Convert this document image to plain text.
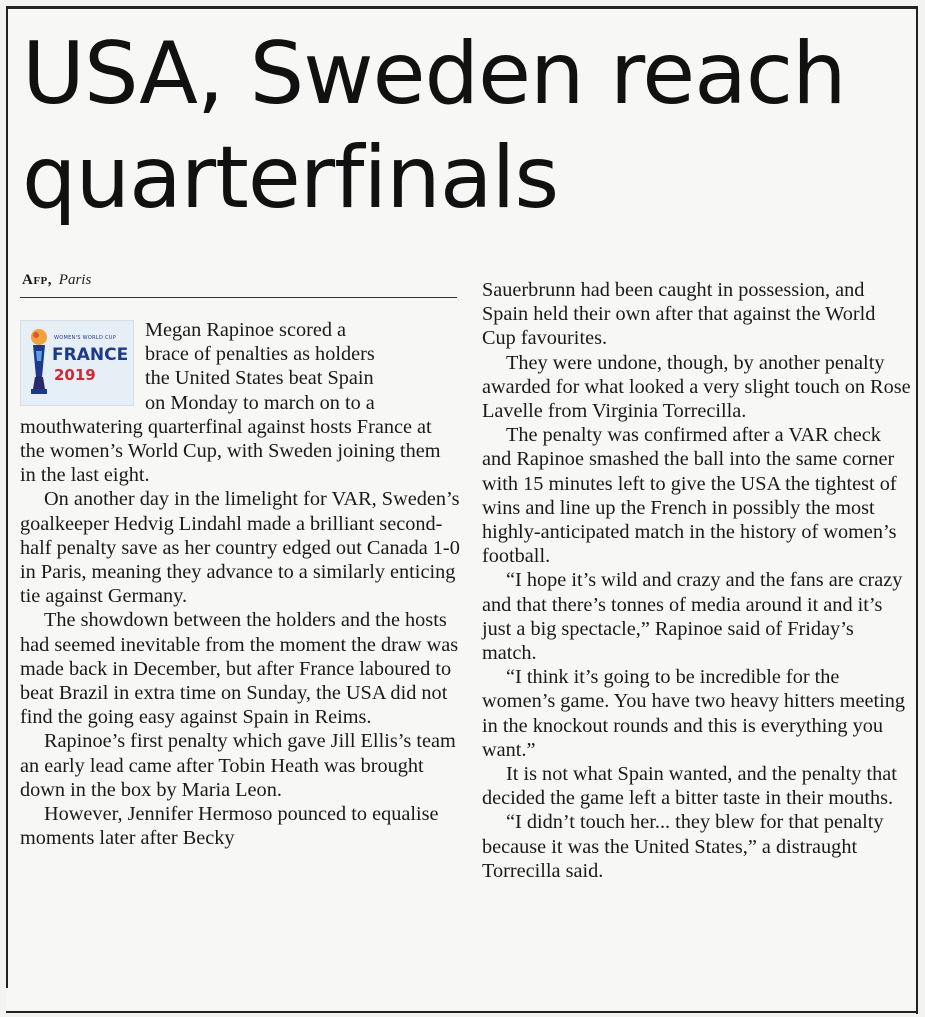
USA, Sweden reach quarterfinals
Afp, Paris
WOMEN'S WORLD CUP
FRANCE
2019

Megan Rapinoe scored a

brace of penalties as holders

the United States beat Spain

on Monday to march on to a

mouthwatering quarterfinal against hosts France at the women’s World Cup, with Sweden joining them in the last eight.

On another day in the limelight for VAR, Sweden’s goalkeeper Hedvig Lindahl made a brilliant second-half penalty save as her country edged out Canada 1-0 in Paris, meaning they advance to a similarly enticing tie against Germany.

The showdown between the holders and the hosts had seemed inevitable from the moment the draw was made back in December, but after France laboured to beat Brazil in extra time on Sunday, the USA did not find the going easy against Spain in Reims.

Rapinoe’s first penalty which gave Jill Ellis’s team an early lead came after Tobin Heath was brought down in the box by Maria Leon.

However, Jennifer Hermoso pounced to equalise moments later after Becky

Sauerbrunn had been caught in possession, and Spain held their own after that against the World Cup favourites.

They were undone, though, by another penalty awarded for what looked a very slight touch on Rose Lavelle from Virginia Torrecilla.

The penalty was confirmed after a VAR check and Rapinoe smashed the ball into the same corner with 15 minutes left to give the USA the tightest of wins and line up the French in possibly the most highly-anticipated match in the history of women’s football.

“I hope it’s wild and crazy and the fans are crazy and that there’s tonnes of media around it and it’s just a big spectacle,” Rapinoe said of Friday’s match.

“I think it’s going to be incredible for the women’s game. You have two heavy hitters meeting in the knockout rounds and this is everything you want.”

It is not what Spain wanted, and the penalty that decided the game left a bitter taste in their mouths.

“I didn’t touch her... they blew for that penalty because it was the United States,” a distraught Torrecilla said.
